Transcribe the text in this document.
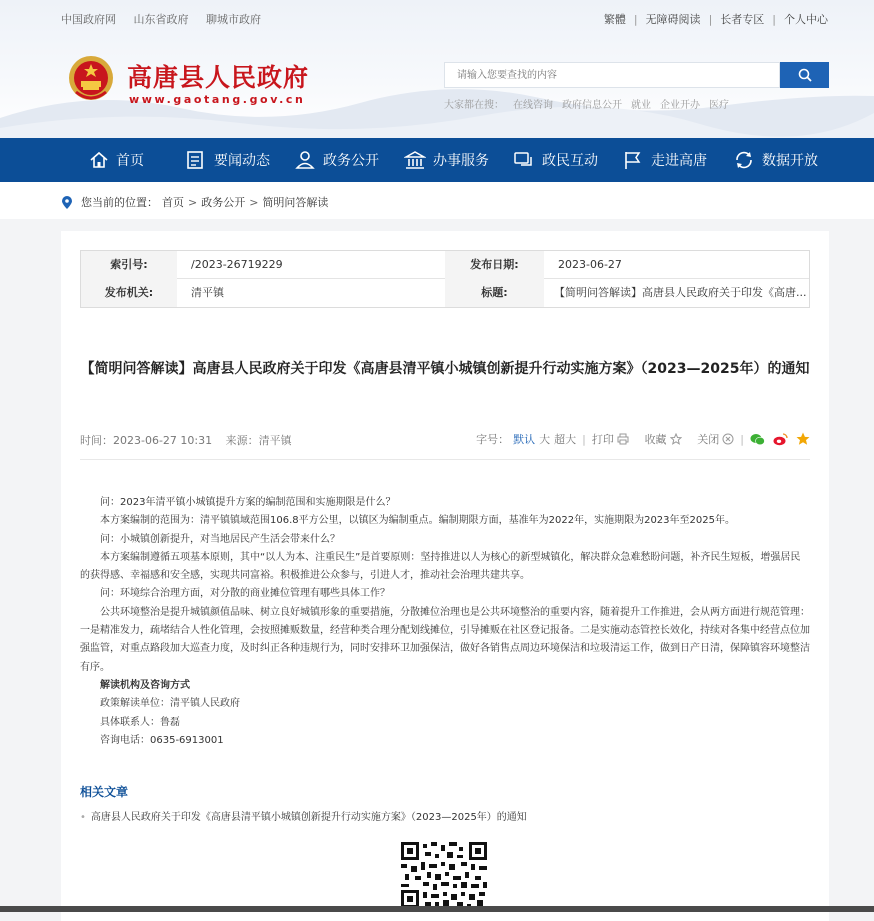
中国政府网 山东省政府 聊城市政府	繁體 | 无障碍阅读 | 长者专区 | 个人中心
高唐县人民政府
www.gaotang.gov.cn
请输入您要查找的内容	大家都在搜： 在线咨询 政府信息公开 就业 企业开办 医疗
首页	要闻动态	政务公开	办事服务	政民互动	走进高唐	数据开放
您当前的位置： 首页 > 政务公开 > 简明问答解读
索引号:	/2023-26719229	发布日期:	2023-06-27
发布机关:	清平镇	标题:	【简明问答解读】高唐县人民政府关于印发《高唐...
【简明问答解读】高唐县人民政府关于印发《高唐县清平镇小城镇创新提升行动实施方案》（2023—2025年）的通知
时间：2023-06-27 10:31 来源：清平镇	字号： 默认 大 超大 | 打印	收藏	关闭 |

问：2023年清平镇小城镇提升方案的编制范围和实施期限是什么？

本方案编制的范围为：清平镇镇域范围106.8平方公里，以镇区为编制重点。编制期限方面，基准年为2022年，实施期限为2023年至2025年。

问：小城镇创新提升，对当地居民产生活会带来什么？

本方案编制遵循五项基本原则，其中“以人为本、注重民生”是首要原则：坚持推进以人为核心的新型城镇化，解决群众急难愁盼问题，补齐民生短板，增强居民的获得感、幸福感和安全感，实现共同富裕。积极推进公众参与，引进人才，推动社会治理共建共享。

问：环境综合治理方面，对分散的商业摊位管理有哪些具体工作？

公共环境整治是提升城镇颜值品味、树立良好城镇形象的重要措施，分散摊位治理也是公共环境整治的重要内容，随着提升工作推进，会从两方面进行规范管理：一是精准发力，疏堵结合人性化管理，会按照摊贩数量，经营种类合理分配划线摊位，引导摊贩在社区登记报备。二是实施动态管控长效化，持续对各集中经营点位加强监管，对重点路段加大巡查力度，及时纠正各种违规行为，同时安排环卫加强保洁，做好各销售点周边环境保洁和垃圾清运工作，做到日产日清，保障镇容环境整洁有序。

解读机构及咨询方式

政策解读单位：清平镇人民政府

具体联系人：鲁磊

咨询电话：0635-6913001

相关文章
• 高唐县人民政府关于印发《高唐县清平镇小城镇创新提升行动实施方案》（2023—2025年）的通知
